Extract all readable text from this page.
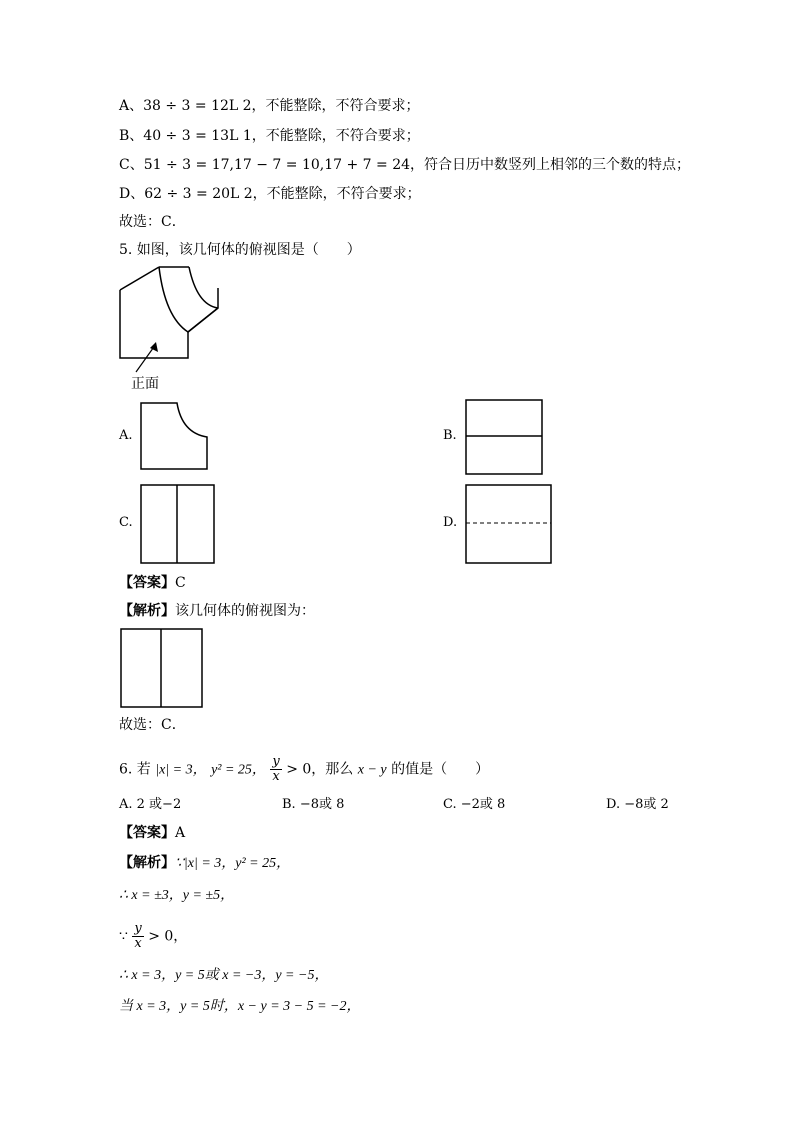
A、38 ÷ 3 = 12L 2，不能整除，不符合要求；
B、40 ÷ 3 = 13L 1，不能整除，不符合要求；
C、51 ÷ 3 = 17,17 − 7 = 10,17 + 7 = 24，符合日历中数竖列上相邻的三个数的特点；
D、62 ÷ 3 = 20L 2，不能整除，不符合要求；
故选：C．
5. 如图，该几何体的俯视图是（　　）
正面
A.	B.
C.	D.
【答案】C
【解析】该几何体的俯视图为：
故选：C．
6. 若 |x| = 3， y² = 25， $\frac{y}{x} > 0$，那么 x − y 的值是（　　）
A. 2 或−2	B. −8或 8	C. −2或 8	D. −8或 2
【答案】A
【解析】∵|x| = 3，y² = 25，
∴ x = ±3，y = ±5，
∵ $\frac{y}{x} > 0$，
∴ x = 3，y = 5或 x = −3，y = −5，
当 x = 3，y = 5时，x − y = 3 − 5 = −2，
